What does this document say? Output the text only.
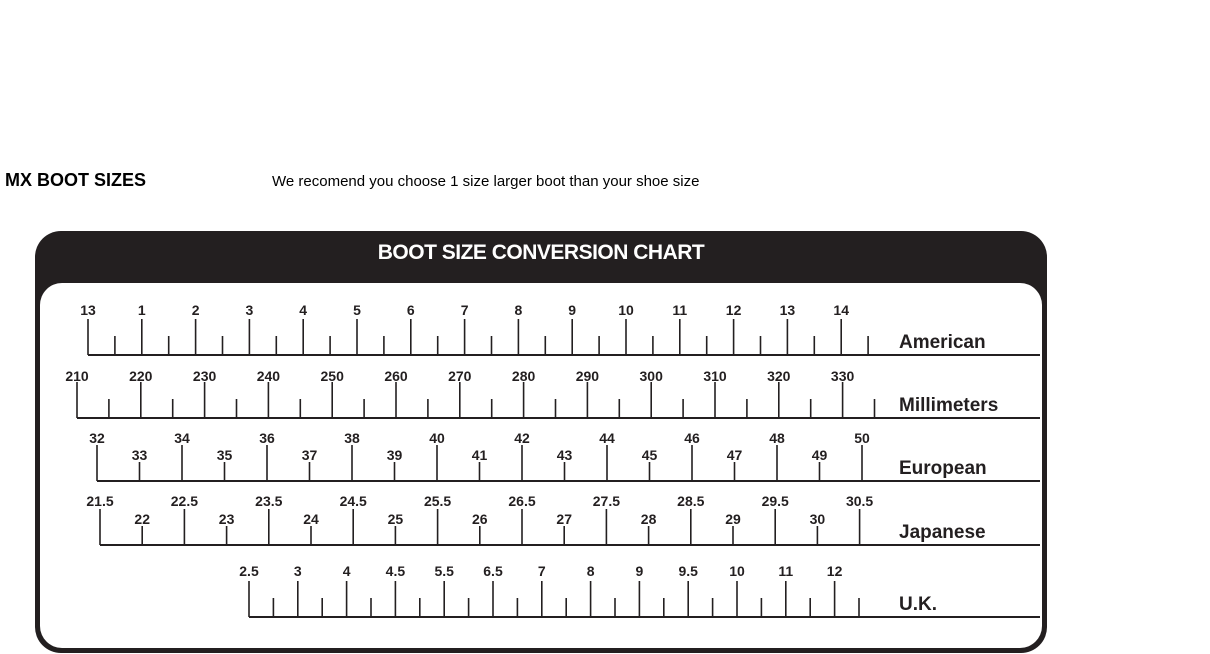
MX BOOT SIZES	We recomend you choose 1 size larger boot than your shoe size
BOOT SIZE CONVERSION CHART
13	1	2	3	4	5	6	7	8	9	10	11	12	13	14
American
210	220	230	240	250	260	270	280	290	300	310	320	330
Millimeters
32	34	36	38	40	42	44	46	48	50
33	35	37	39	41	43	45	47	49
European
21.5	22.5	23.5	24.5	25.5	26.5	27.5	28.5	29.5	30.5
22	23	24	25	26	27	28	29	30
Japanese
2.5	3	4	4.5 5.5 6.5	7	8	9	9.5 10 11 12
U.K.
